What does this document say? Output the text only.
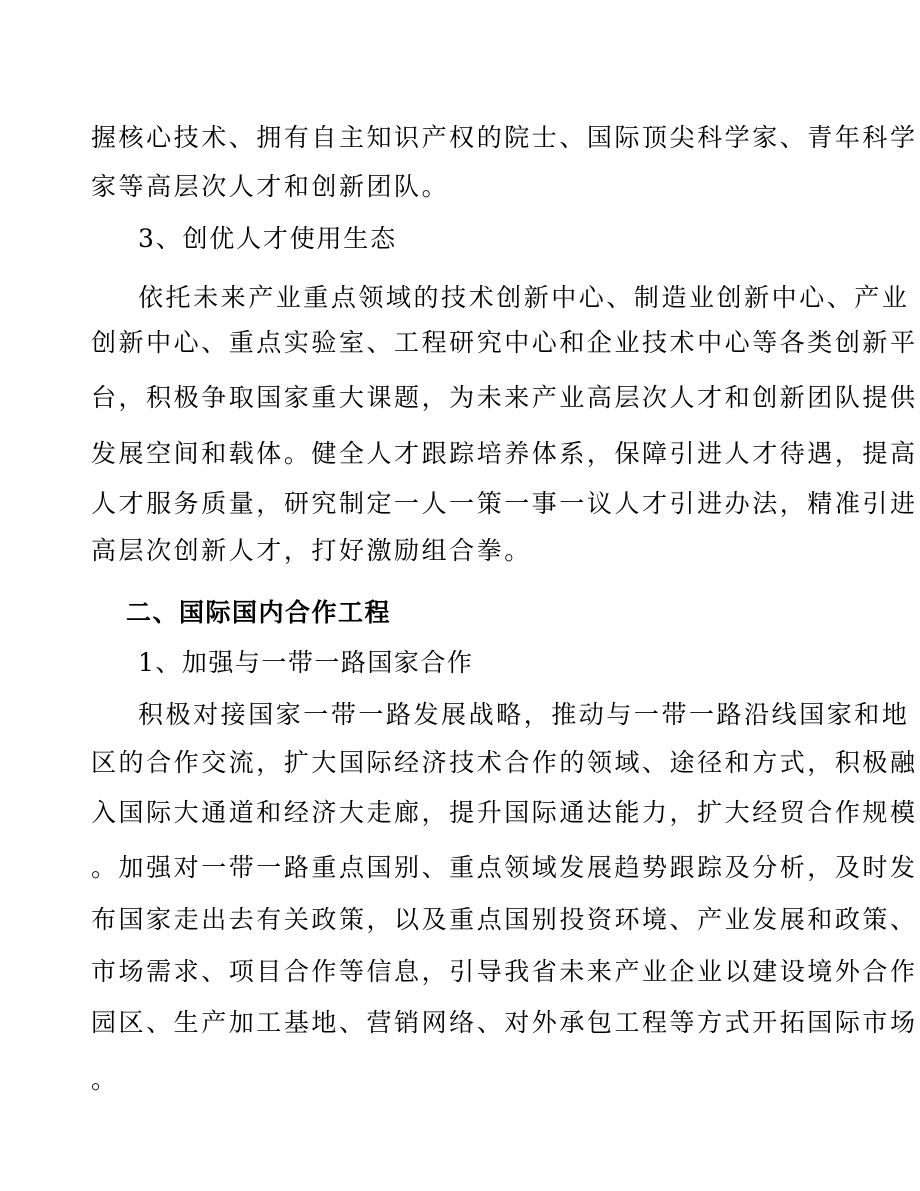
握核心技术、拥有自主知识产权的院士、国际顶尖科学家、青年科学
家等高层次人才和创新团队。
3、创优人才使用生态
依托未来产业重点领域的技术创新中心、制造业创新中心、产业
创新中心、重点实验室、工程研究中心和企业技术中心等各类创新平
台，积极争取国家重大课题，为未来产业高层次人才和创新团队提供
发展空间和载体。健全人才跟踪培养体系，保障引进人才待遇，提高
人才服务质量，研究制定一人一策一事一议人才引进办法，精准引进
高层次创新人才，打好激励组合拳。
二、国际国内合作工程
1、加强与一带一路国家合作
积极对接国家一带一路发展战略，推动与一带一路沿线国家和地
区的合作交流，扩大国际经济技术合作的领域、途径和方式，积极融
入国际大通道和经济大走廊，提升国际通达能力，扩大经贸合作规模
。加强对一带一路重点国别、重点领域发展趋势跟踪及分析，及时发
布国家走出去有关政策，以及重点国别投资环境、产业发展和政策、
市场需求、项目合作等信息，引导我省未来产业企业以建设境外合作
园区、生产加工基地、营销网络、对外承包工程等方式开拓国际市场
。
